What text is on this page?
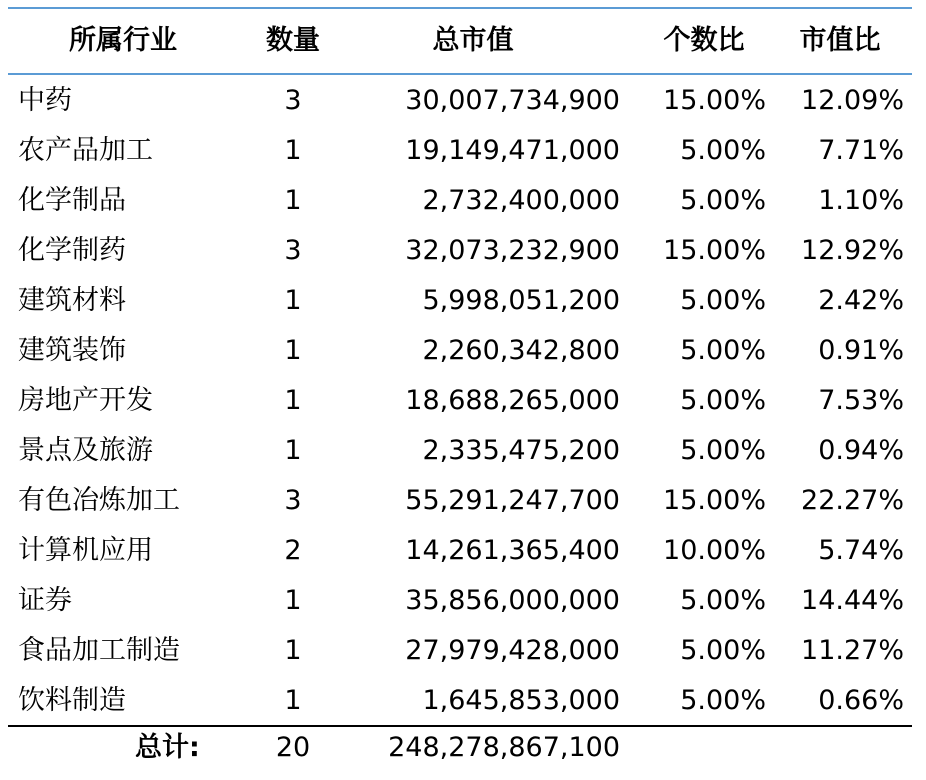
所属行业	数量	总市值	个数比	市值比
中药	3	30,007,734,900	15.00%	12.09%
农产品加工	1	19,149,471,000	5.00%	7.71%
化学制品	1	2,732,400,000	5.00%	1.10%
化学制药	3	32,073,232,900	15.00%	12.92%
建筑材料	1	5,998,051,200	5.00%	2.42%
建筑装饰	1	2,260,342,800	5.00%	0.91%
房地产开发	1	18,688,265,000	5.00%	7.53%
景点及旅游	1	2,335,475,200	5.00%	0.94%
有色冶炼加工	3	55,291,247,700	15.00%	22.27%
计算机应用	2	14,261,365,400	10.00%	5.74%
证券	1	35,856,000,000	5.00%	14.44%
食品加工制造	1	27,979,428,000	5.00%	11.27%
饮料制造	1	1,645,853,000	5.00%	0.66%
总计:	20	248,278,867,100
